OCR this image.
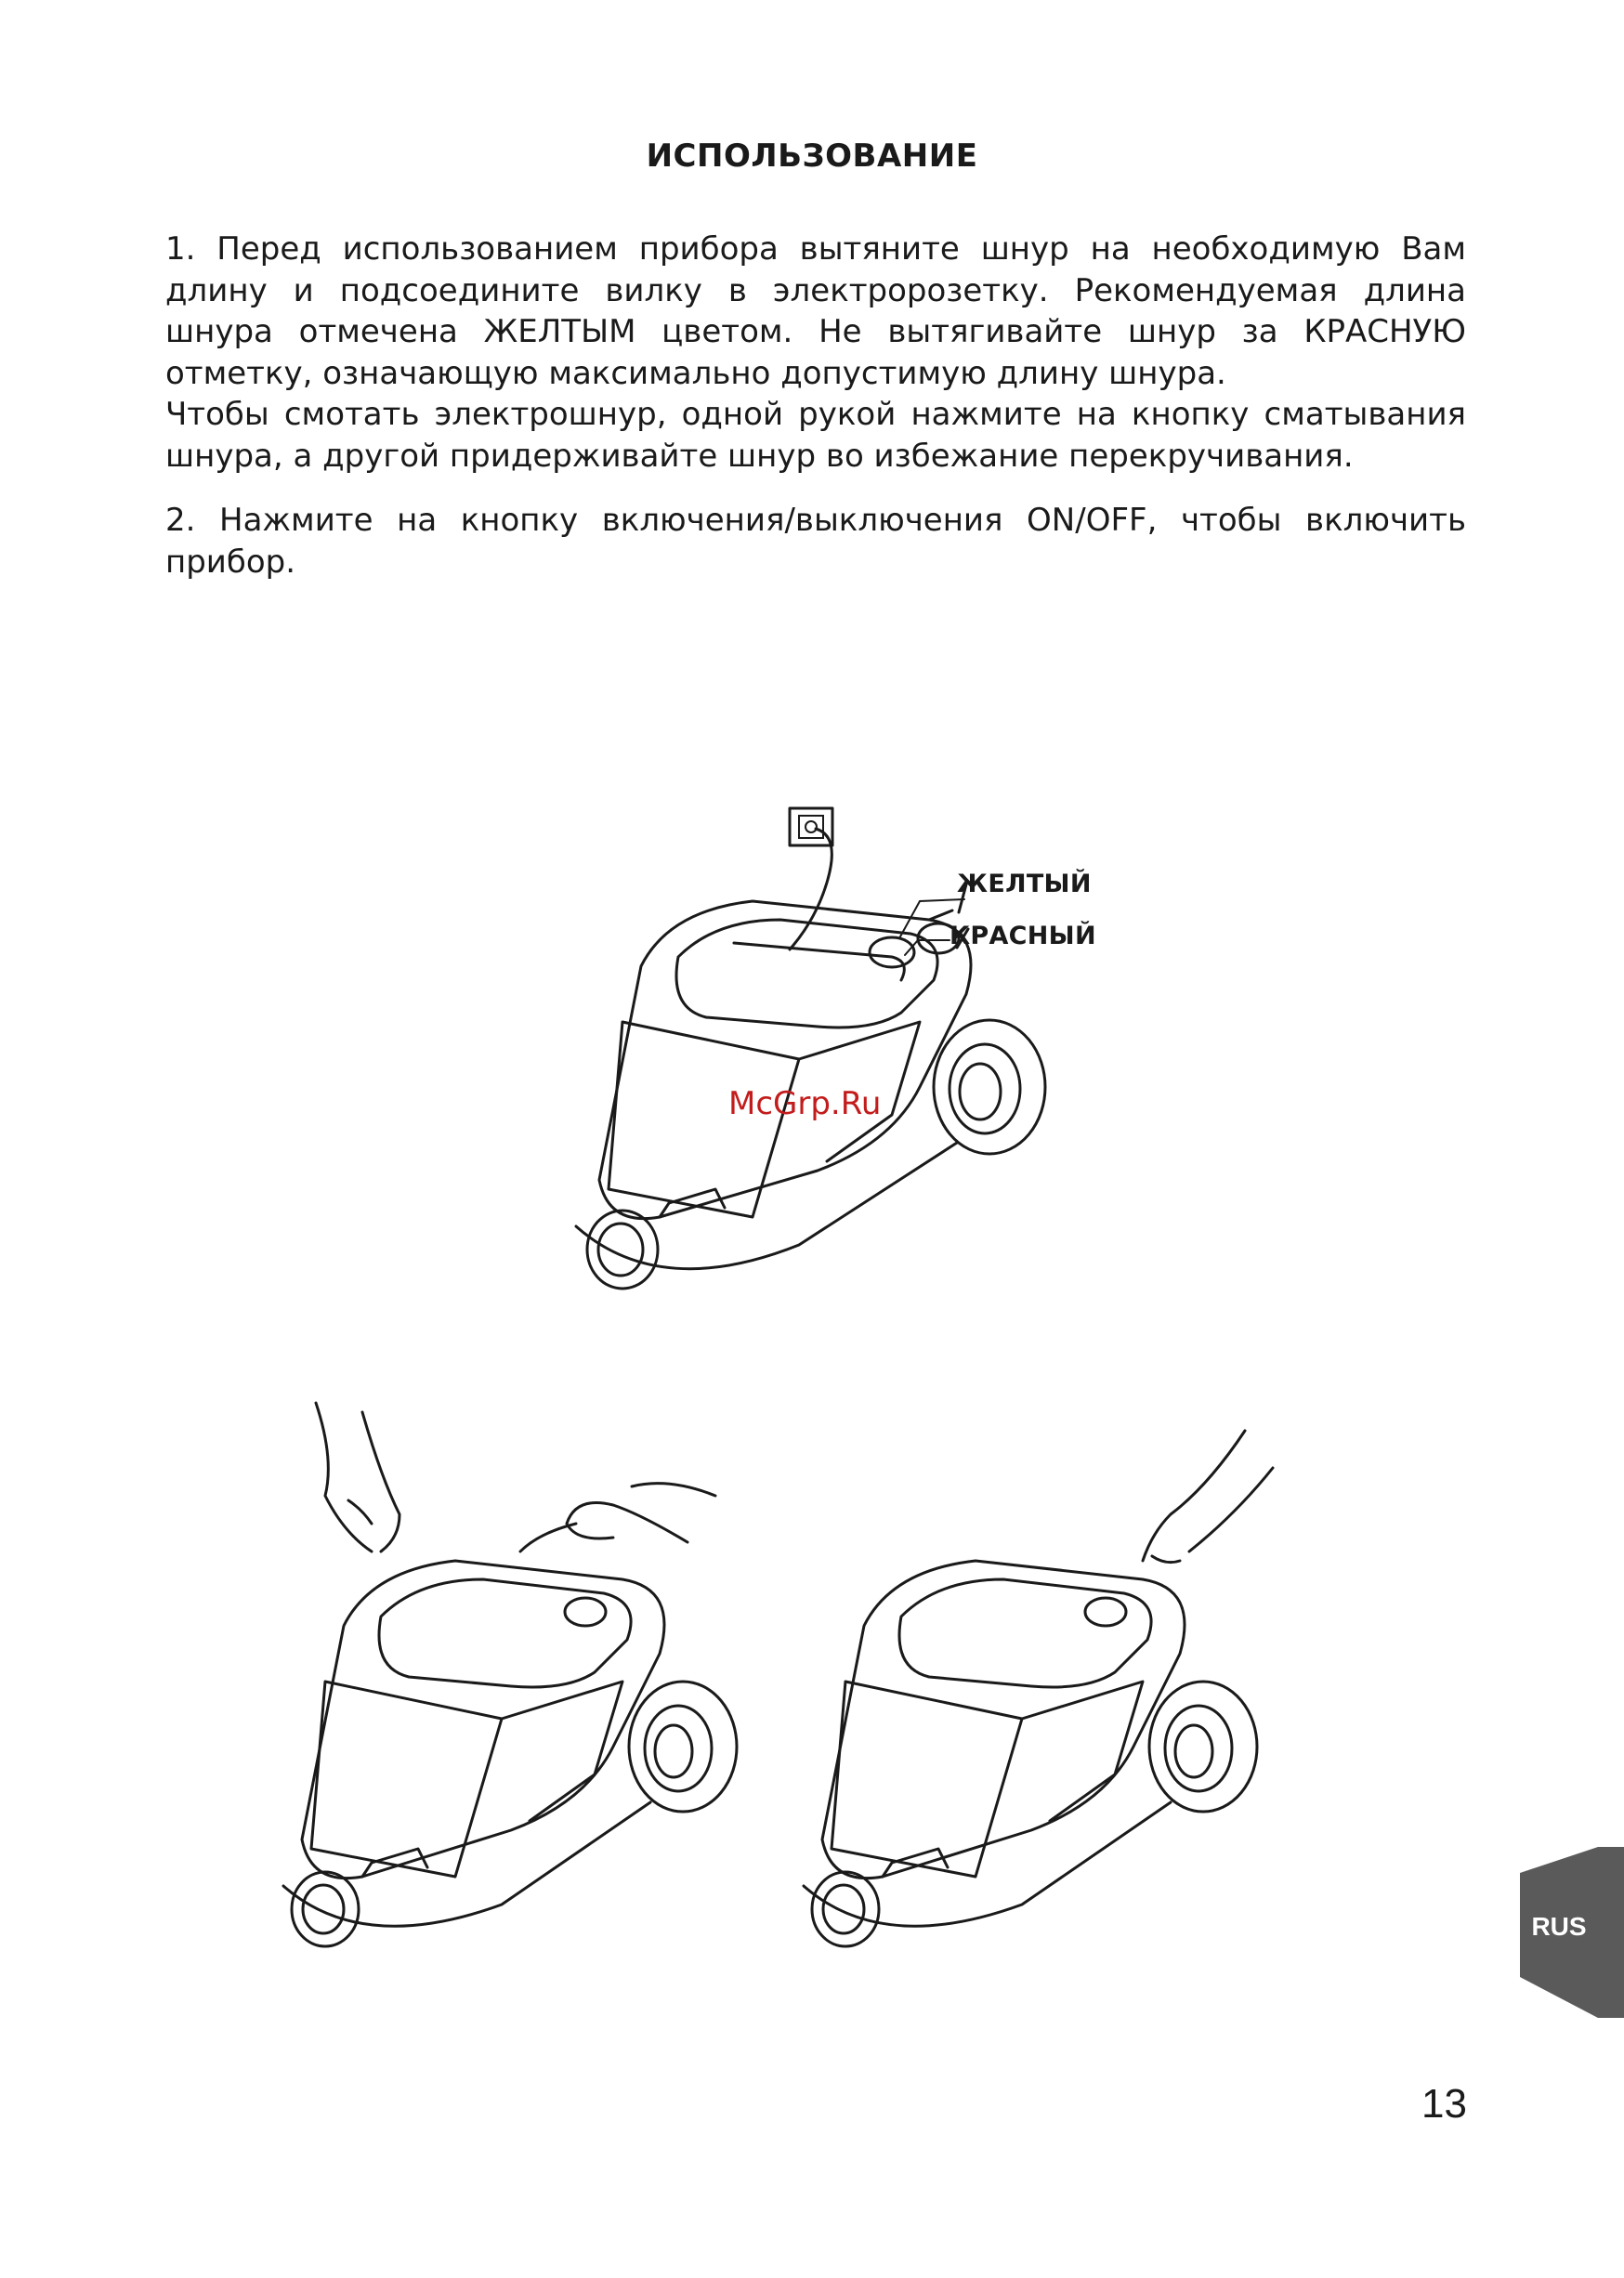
ИСПОЛЬЗОВАНИЕ
1. Перед использованием прибора вытяните шнур на необходимую Вам
длину и подсоедините вилку в электророзетку. Рекомендуемая длина
шнура отмечена ЖЕЛТЫМ цветом. Не вытягивайте шнур за КРАСНУЮ
отметку, означающую максимально допустимую длину шнура.
Чтобы смотать электрошнур, одной рукой нажмите на кнопку сматывания
шнура, а другой придерживайте шнур во избежание перекручивания.
2. Нажмите на кнопку включения/выключения ON/OFF, чтобы включить
прибор.
ЖЕЛТЫЙ
КРАСНЫЙ
McGrp.Ru
RUS
13
